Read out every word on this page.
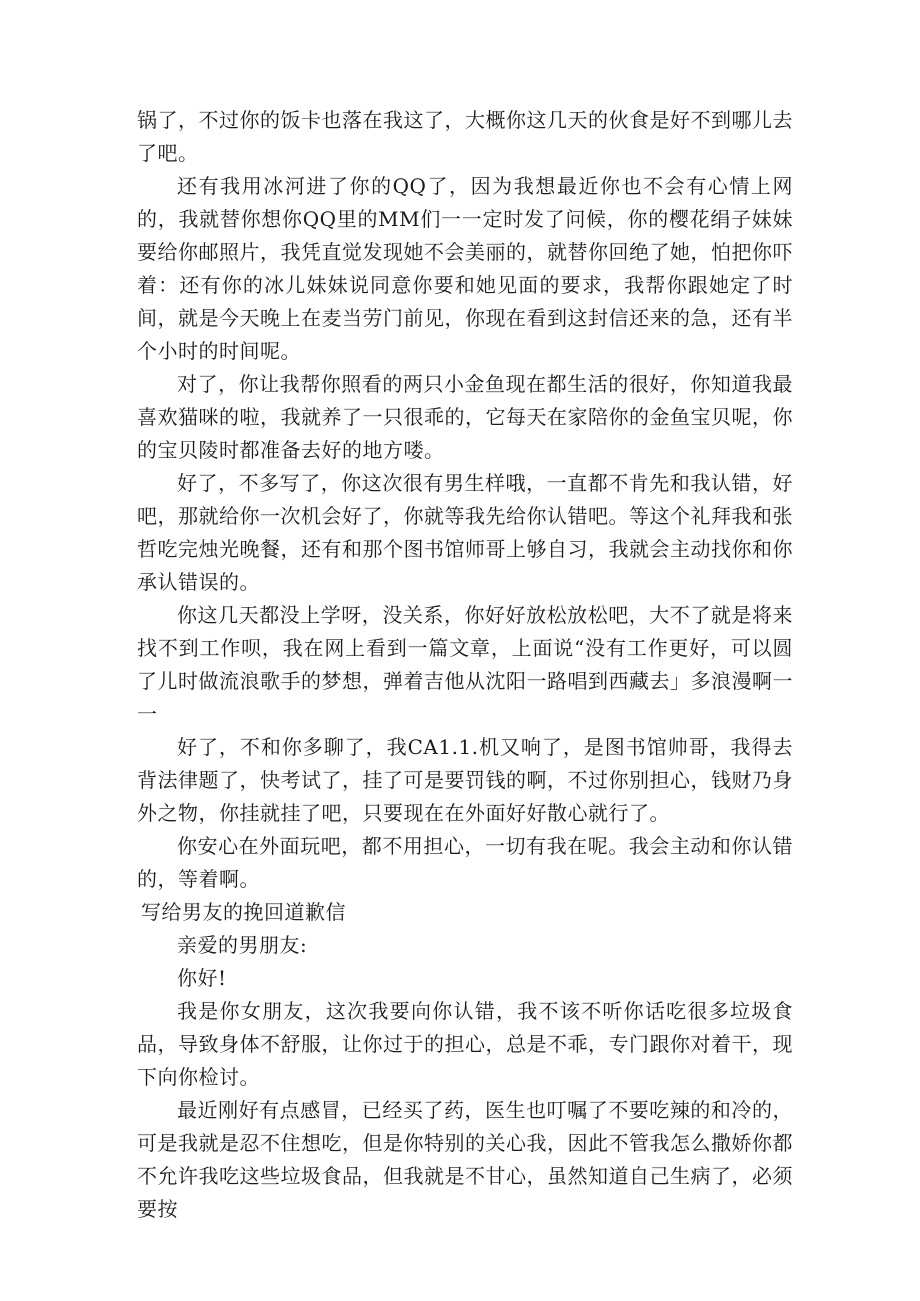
锅了，不过你的饭卡也落在我这了，大概你这几天的伙食是好不到哪儿去了吧。

还有我用冰河进了你的QQ了，因为我想最近你也不会有心情上网的，我就替你想你QQ里的MM们一一定时发了问候，你的樱花绢子妹妹要给你邮照片，我凭直觉发现她不会美丽的，就替你回绝了她，怕把你吓着：还有你的冰儿妹妹说同意你要和她见面的要求，我帮你跟她定了时间，就是今天晚上在麦当劳门前见，你现在看到这封信还来的急，还有半个小时的时间呢。

对了，你让我帮你照看的两只小金鱼现在都生活的很好，你知道我最喜欢猫咪的啦，我就养了一只很乖的，它每天在家陪你的金鱼宝贝呢，你的宝贝陵时都准备去好的地方喽。

好了，不多写了，你这次很有男生样哦，一直都不肯先和我认错，好吧，那就给你一次机会好了，你就等我先给你认错吧。等这个礼拜我和张哲吃完烛光晚餐，还有和那个图书馆师哥上够自习，我就会主动找你和你承认错误的。

你这几天都没上学呀，没关系，你好好放松放松吧，大不了就是将来找不到工作呗，我在网上看到一篇文章，上面说“没有工作更好，可以圆了儿时做流浪歌手的梦想，弹着吉他从沈阳一路唱到西藏去」多浪漫啊一一

好了，不和你多聊了，我CA1.1.机又响了，是图书馆帅哥，我得去背法律题了，快考试了，挂了可是要罚钱的啊，不过你别担心，钱财乃身外之物，你挂就挂了吧，只要现在在外面好好散心就行了。

你安心在外面玩吧，都不用担心，一切有我在呢。我会主动和你认错的，等着啊。

写给男友的挽回道歉信

亲爱的男朋友:

你好!

我是你女朋友，这次我要向你认错，我不该不听你话吃很多垃圾食品，导致身体不舒服，让你过于的担心，总是不乖，专门跟你对着干，现下向你检讨。

最近刚好有点感冒，已经买了药，医生也叮嘱了不要吃辣的和冷的，可是我就是忍不住想吃，但是你特别的关心我，因此不管我怎么撒娇你都不允许我吃这些垃圾食品，但我就是不甘心，虽然知道自己生病了，必须要按
